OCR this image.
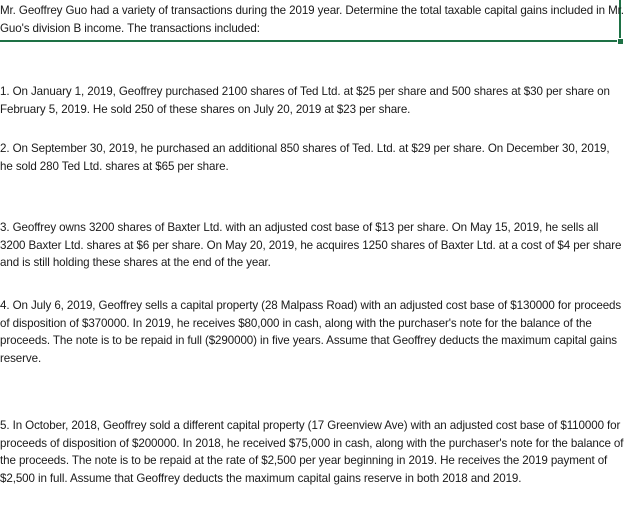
Mr. Geoffrey Guo had a variety of transactions during the 2019 year. Determine the total taxable capital gains included in Mr. Guo's division B income. The transactions included:
1. On January 1, 2019, Geoffrey purchased 2100 shares of Ted Ltd. at $25 per share and 500 shares at $30 per share on February 5, 2019. He sold 250 of these shares on July 20, 2019 at $23 per share.
2. On September 30, 2019, he purchased an additional 850 shares of Ted. Ltd. at $29 per share. On December 30, 2019, he sold 280 Ted Ltd. shares at $65 per share.
3. Geoffrey owns 3200 shares of Baxter Ltd. with an adjusted cost base of $13 per share. On May 15, 2019, he sells all 3200 Baxter Ltd. shares at $6 per share. On May 20, 2019, he acquires 1250 shares of Baxter Ltd. at a cost of $4 per share and is still holding these shares at the end of the year.
4. On July 6, 2019, Geoffrey sells a capital property (28 Malpass Road) with an adjusted cost base of $130000 for proceeds of disposition of $370000. In 2019, he receives $80,000 in cash, along with the purchaser's note for the balance of the proceeds. The note is to be repaid in full ($290000) in five years. Assume that Geoffrey deducts the maximum capital gains reserve.
5. In October, 2018, Geoffrey sold a different capital property (17 Greenview Ave) with an adjusted cost base of $110000 for proceeds of disposition of $200000. In 2018, he received $75,000 in cash, along with the purchaser's note for the balance of the proceeds. The note is to be repaid at the rate of $2,500 per year beginning in 2019. He receives the 2019 payment of $2,500 in full. Assume that Geoffrey deducts the maximum capital gains reserve in both 2018 and 2019.
